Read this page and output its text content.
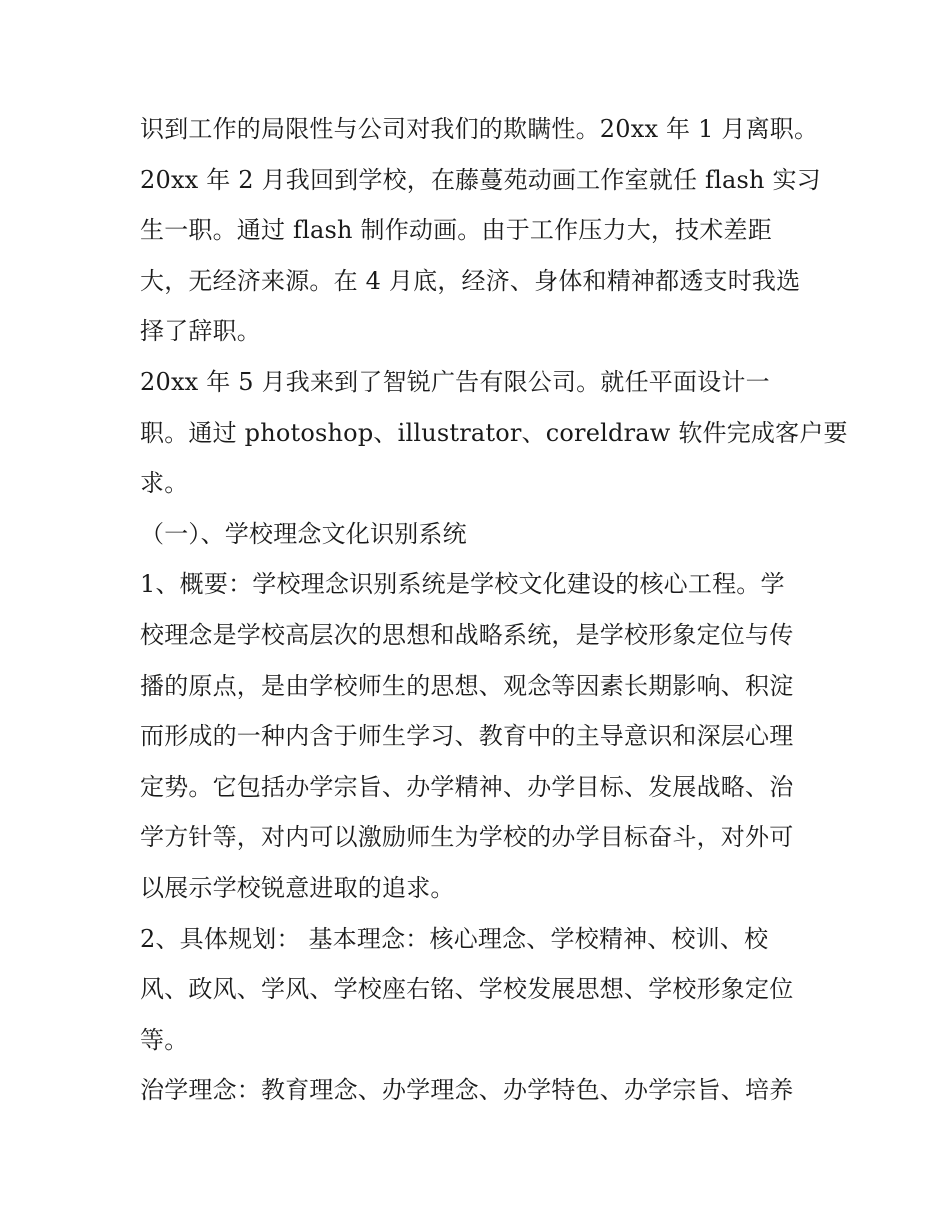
识到工作的局限性与公司对我们的欺瞒性。20xx 年 1 月离职。
20xx 年 2 月我回到学校，在藤蔓苑动画工作室就任 flash 实习
生一职。通过 flash 制作动画。由于工作压力大，技术差距
大，无经济来源。在 4 月底，经济、身体和精神都透支时我选
择了辞职。
20xx 年 5 月我来到了智锐广告有限公司。就任平面设计一
职。通过 photoshop、illustrator、coreldraw 软件完成客户要
求。
（一）、学校理念文化识别系统
1、概要：学校理念识别系统是学校文化建设的核心工程。学
校理念是学校高层次的思想和战略系统，是学校形象定位与传
播的原点，是由学校师生的思想、观念等因素长期影响、积淀
而形成的一种内含于师生学习、教育中的主导意识和深层心理
定势。它包括办学宗旨、办学精神、办学目标、发展战略、治
学方针等，对内可以激励师生为学校的办学目标奋斗，对外可
以展示学校锐意进取的追求。
2、具体规划： 基本理念：核心理念、学校精神、校训、校
风、政风、学风、学校座右铭、学校发展思想、学校形象定位
等。
治学理念：教育理念、办学理念、办学特色、办学宗旨、培养
